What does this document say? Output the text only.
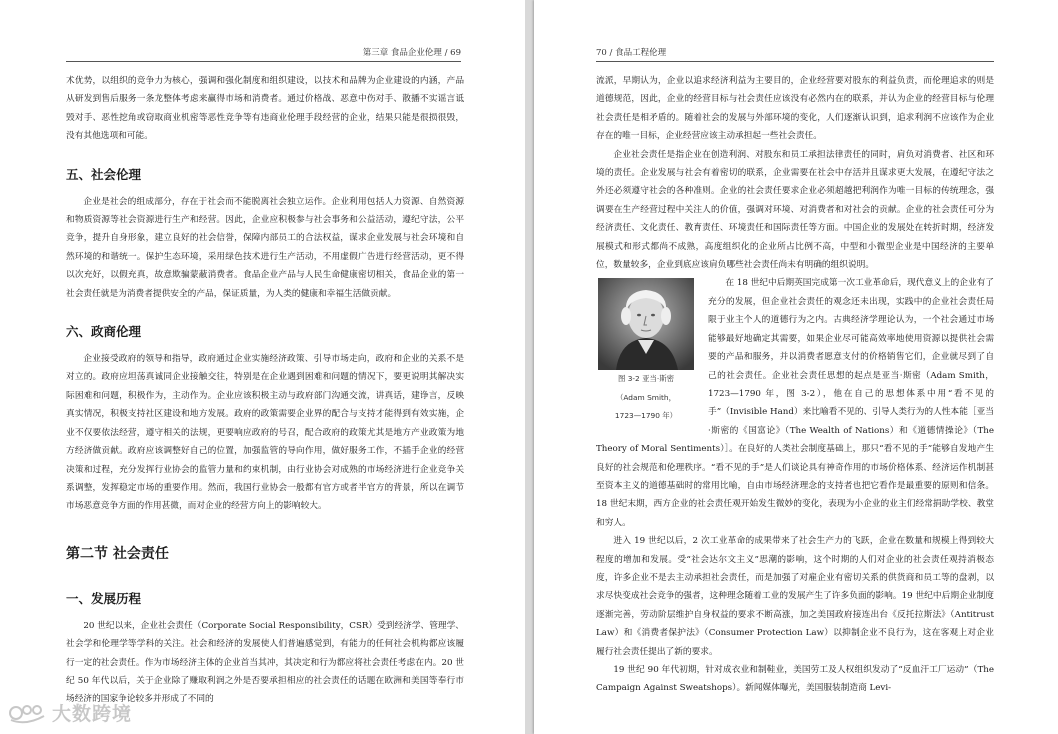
第三章 食品企业伦理 / 69

术优势，以组织的竞争力为核心，强调和强化制度和组织建设，以技术和品牌为企业建设的内涵，产品从研发到售后服务一条龙整体考虑来赢得市场和消费者。通过价格战、恶意中伤对手、散播不实谣言诋毁对手、恶性挖角或窃取商业机密等恶性竞争等有违商业伦理手段经营的企业，结果只能是很损很毁，没有其他选项和可能。

五、社会伦理

企业是社会的组成部分，存在于社会而不能脱离社会独立运作。企业利用包括人力资源、自然资源和物质资源等社会资源进行生产和经营。因此，企业应积极参与社会事务和公益活动，遵纪守法，公平竞争，提升自身形象，建立良好的社会信誉，保障内部员工的合法权益，谋求企业发展与社会环境和自然环境的和谐统一。保护生态环境，采用绿色技术进行生产活动，不用虚假广告进行经营活动，更不得以次充好，以假充真，故意欺骗蒙蔽消费者。食品企业产品与人民生命健康密切相关，食品企业的第一社会责任就是为消费者提供安全的产品，保证质量，为人类的健康和幸福生活做贡献。

六、政商伦理

企业接受政府的领导和指导，政府通过企业实施经济政策、引导市场走向，政府和企业的关系不是对立的。政府应坦荡真诚同企业接触交往，特别是在企业遇到困难和问题的情况下，要更说明其解决实际困难和问题，积极作为，主动作为。企业应该积极主动与政府部门沟通交流，讲真话，建诤言，反映真实情况，积极支持社区建设和地方发展。政府的政策需要企业界的配合与支持才能得到有效实施，企业不仅要依法经营，遵守相关的法规，更要响应政府的号召，配合政府的政策尤其是地方产业政策为地方经济做贡献。政府应该调整好自己的位置，加强监管的导向作用，做好服务工作，不插手企业的经营决策和过程，充分发挥行业协会的监管力量和约束机制，由行业协会对成熟的市场经济进行企业竞争关系调整，发挥稳定市场的重要作用。然而，我国行业协会一般都有官方或者半官方的背景，所以在调节市场恶意竞争方面的作用甚微，而对企业的经营方向上的影响较大。

第二节 社会责任
一、发展历程

20 世纪以来，企业社会责任（Corporate Social Responsibility，CSR）受到经济学、管理学、社会学和伦理学等学科的关注。社会和经济的发展使人们普遍感觉到，有能力的任何社会机构都应该履行一定的社会责任。作为市场经济主体的企业首当其冲，其决定和行为都应将社会责任考虑在内。20 世纪 50 年代以后，关于企业除了赚取利润之外是否要承担相应的社会责任的话题在欧洲和美国等奉行市场经济的国家争论较多并形成了不同的

大数跨境
70 / 食品工程伦理

流派，早期认为，企业以追求经济利益为主要目的，企业经营要对股东的利益负责，而伦理追求的则是道德规范，因此，企业的经营目标与社会责任应该没有必然内在的联系，并认为企业的经营目标与伦理社会责任是相矛盾的。随着社会的发展与外部环境的变化，人们逐渐认识到，追求利润不应该作为企业存在的唯一目标，企业经营应该主动承担起一些社会责任。

企业社会责任是指企业在创造利润、对股东和员工承担法律责任的同时，肩负对消费者、社区和环境的责任。企业发展与社会有着密切的联系，企业需要在社会中存活并且谋求更大发展，在遵纪守法之外还必须遵守社会的各种准则。企业的社会责任要求企业必须超越把利润作为唯一目标的传统理念，强调要在生产经营过程中关注人的价值，强调对环境、对消费者和对社会的贡献。企业的社会责任可分为经济责任、文化责任、教育责任、环境责任和国际责任等方面。中国企业的发展处在转折时期，经济发展模式和形式都尚不成熟，高度组织化的企业所占比例不高，中型和小微型企业是中国经济的主要单位，数量较多，企业到底应该肩负哪些社会责任尚未有明确的组织说明。

图 3-2 亚当·斯密
（Adam Smith，
1723—1790 年）
在 18 世纪中后期英国完成第一次工业革命后，现代意义上的企业有了充分的发展，但企业社会责任的观念还未出现，实践中的企业社会责任局限于业主个人的道德行为之内。古典经济学理论认为，一个社会通过市场能够最好地确定其需要，如果企业尽可能高效率地使用资源以提供社会需要的产品和服务，并以消费者愿意支付的价格销售它们，企业就尽到了自己的社会责任。企业社会责任思想的起点是亚当·斯密（Adam Smith，1723—1790 年，图 3-2），他在自己的思想体系中用“看不见的手”（Invisible Hand）来比喻看不见的、引导人类行为的人性本能［亚当·斯密的《国富论》（The Wealth of Nations）和《道德情操论》（The Theory of Moral Sentiments）］。在良好的人类社会制度基础上，那只“看不见的手”能够自发地产生良好的社会规范和伦理秩序。“看不见的手”是人们谈论具有神奇作用的市场价格体系、经济运作机制甚至资本主义的道德基础时的常用比喻，自由市场经济理念的支持者也把它看作是最重要的原则和信条。18 世纪末期，西方企业的社会责任观开始发生微妙的变化，表现为小企业的业主们经常捐助学校、教堂和穷人。

进入 19 世纪以后，2 次工业革命的成果带来了社会生产力的飞跃，企业在数量和规模上得到较大程度的增加和发展。受“社会达尔文主义”思潮的影响，这个时期的人们对企业的社会责任观持消极态度，许多企业不是去主动承担社会责任，而是加强了对雇企业有密切关系的供货商和员工等的盘剥，以求尽快变成社会竞争的强者，这种理念随着工业的发展产生了许多负面的影响。19 世纪中后期企业制度逐渐完善，劳动阶层维护自身权益的要求不断高涨，加之美国政府接连出台《反托拉斯法》（Antitrust Law）和《消费者保护法》（Consumer Protection Law）以抑制企业不良行为，这在客观上对企业履行社会责任提出了新的要求。

19 世纪 90 年代初期，针对成衣业和制鞋业，美国劳工及人权组织发动了“反血汗工厂运动”（The Campaign Against Sweatshops）。新闻媒体曝光，美国服装制造商 Levi-
